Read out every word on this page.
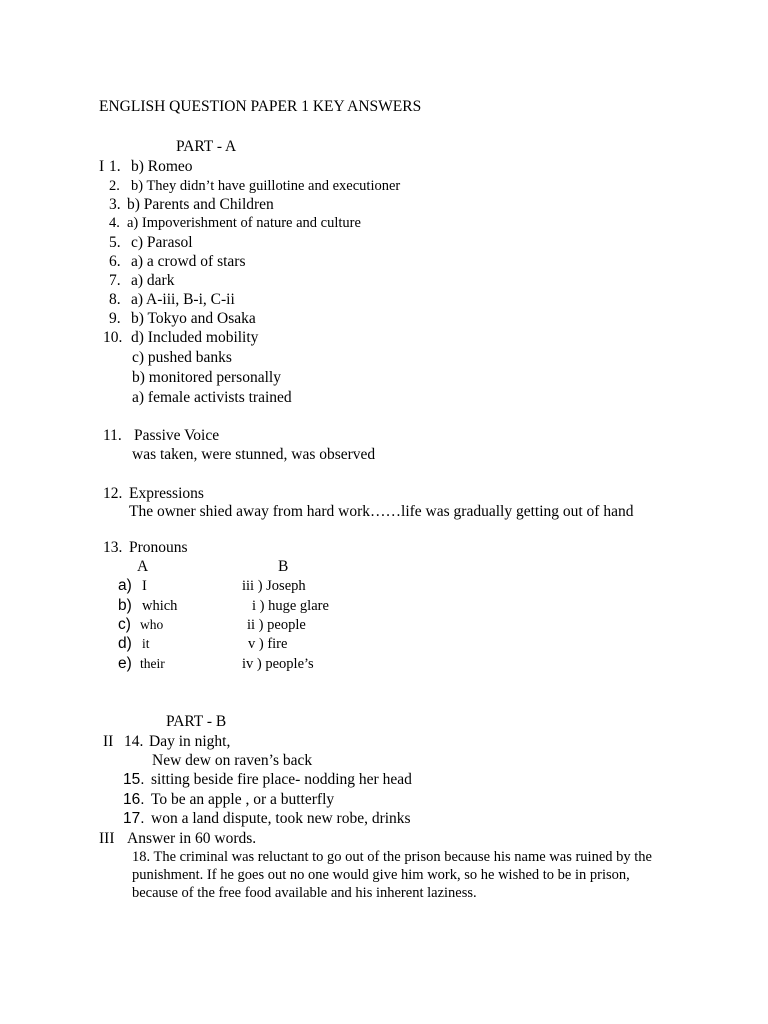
ENGLISH QUESTION PAPER 1 KEY ANSWERS
PART - A
I 1. b) Romeo
2. b) They didn’t have guillotine and executioner
3. b) Parents and Children
4. a) Impoverishment of nature and culture
5. c) Parasol
6. a) a crowd of stars
7. a) dark
8. a) A-iii, B-i, C-ii
9. b) Tokyo and Osaka
10. d) Included mobility
c) pushed banks
b) monitored personally
a) female activists trained
11. Passive Voice
was taken, were stunned, was observed
12. Expressions
The owner shied away from hard work……life was gradually getting out of hand
13. Pronouns
A	B
a) I	iii ) Joseph
b) which	i ) huge glare
c) who	ii ) people
d) it	v ) fire
e) their	iv ) people’s
PART - B
II 14. Day in night,
New dew on raven’s back
15. sitting beside fire place- nodding her head
16. To be an apple , or a butterfly
17. won a land dispute, took new robe, drinks
III Answer in 60 words.
18. The criminal was reluctant to go out of the prison because his name was ruined by the
punishment. If he goes out no one would give him work, so he wished to be in prison,
because of the free food available and his inherent laziness.
